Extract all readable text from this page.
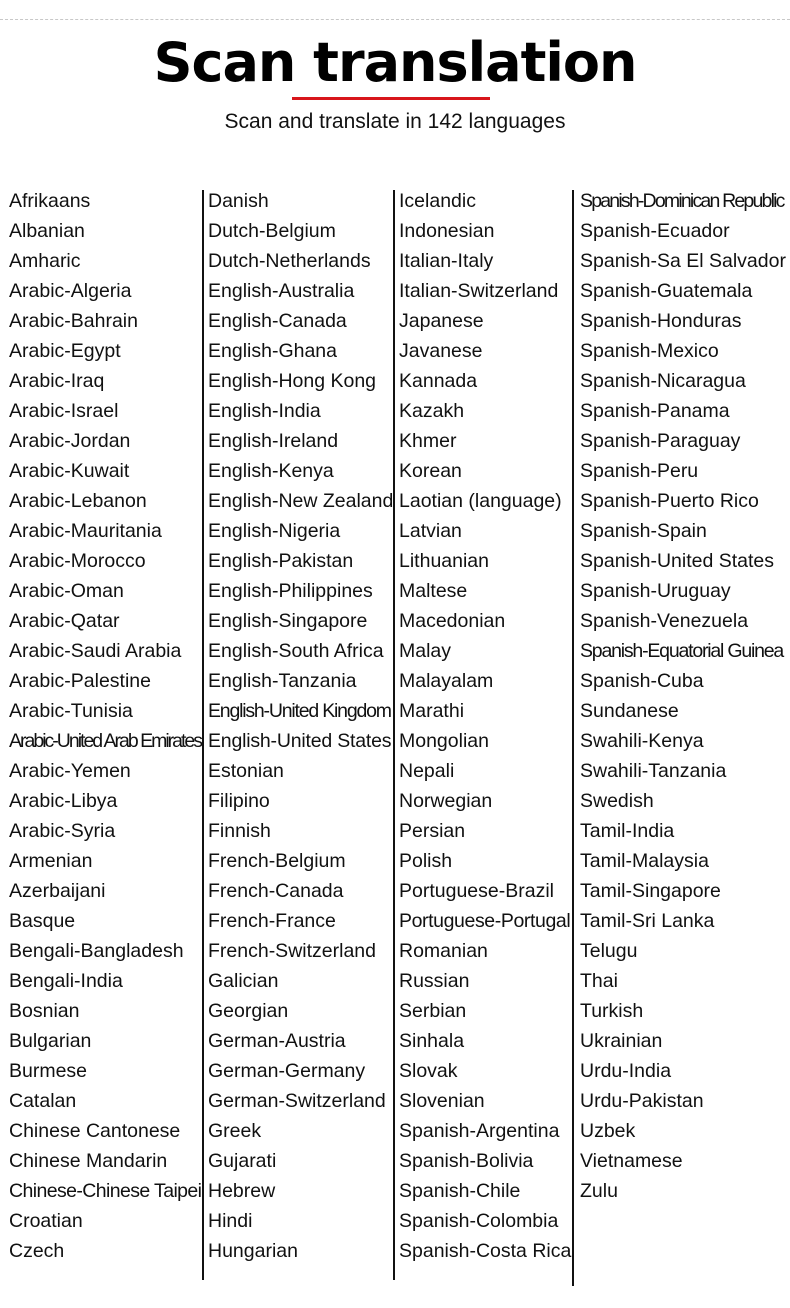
Scan translation
Scan and translate in 142 languages
Afrikaans
Albanian
Amharic
Arabic-Algeria
Arabic-Bahrain
Arabic-Egypt
Arabic-Iraq
Arabic-Israel
Arabic-Jordan
Arabic-Kuwait
Arabic-Lebanon
Arabic-Mauritania
Arabic-Morocco
Arabic-Oman
Arabic-Qatar
Arabic-Saudi Arabia
Arabic-Palestine
Arabic-Tunisia
Arabic-United Arab Emirates
Arabic-Yemen
Arabic-Libya
Arabic-Syria
Armenian
Azerbaijani
Basque
Bengali-Bangladesh
Bengali-India
Bosnian
Bulgarian
Burmese
Catalan
Chinese Cantonese
Chinese Mandarin
Chinese-Chinese Taipei
Croatian
Czech
Danish
Dutch-Belgium
Dutch-Netherlands
English-Australia
English-Canada
English-Ghana
English-Hong Kong
English-India
English-Ireland
English-Kenya
English-New Zealand
English-Nigeria
English-Pakistan
English-Philippines
English-Singapore
English-South Africa
English-Tanzania
English-United Kingdom
English-United States
Estonian
Filipino
Finnish
French-Belgium
French-Canada
French-France
French-Switzerland
Galician
Georgian
German-Austria
German-Germany
German-Switzerland
Greek
Gujarati
Hebrew
Hindi
Hungarian
Icelandic
Indonesian
Italian-Italy
Italian-Switzerland
Japanese
Javanese
Kannada
Kazakh
Khmer
Korean
Laotian (language)
Latvian
Lithuanian
Maltese
Macedonian
Malay
Malayalam
Marathi
Mongolian
Nepali
Norwegian
Persian
Polish
Portuguese-Brazil
Portuguese-Portugal
Romanian
Russian
Serbian
Sinhala
Slovak
Slovenian
Spanish-Argentina
Spanish-Bolivia
Spanish-Chile
Spanish-Colombia
Spanish-Costa Rica
Spanish-Dominican Republic
Spanish-Ecuador
Spanish-Sa El Salvador
Spanish-Guatemala
Spanish-Honduras
Spanish-Mexico
Spanish-Nicaragua
Spanish-Panama
Spanish-Paraguay
Spanish-Peru
Spanish-Puerto Rico
Spanish-Spain
Spanish-United States
Spanish-Uruguay
Spanish-Venezuela
Spanish-Equatorial Guinea
Spanish-Cuba
Sundanese
Swahili-Kenya
Swahili-Tanzania
Swedish
Tamil-India
Tamil-Malaysia
Tamil-Singapore
Tamil-Sri Lanka
Telugu
Thai
Turkish
Ukrainian
Urdu-India
Urdu-Pakistan
Uzbek
Vietnamese
Zulu
